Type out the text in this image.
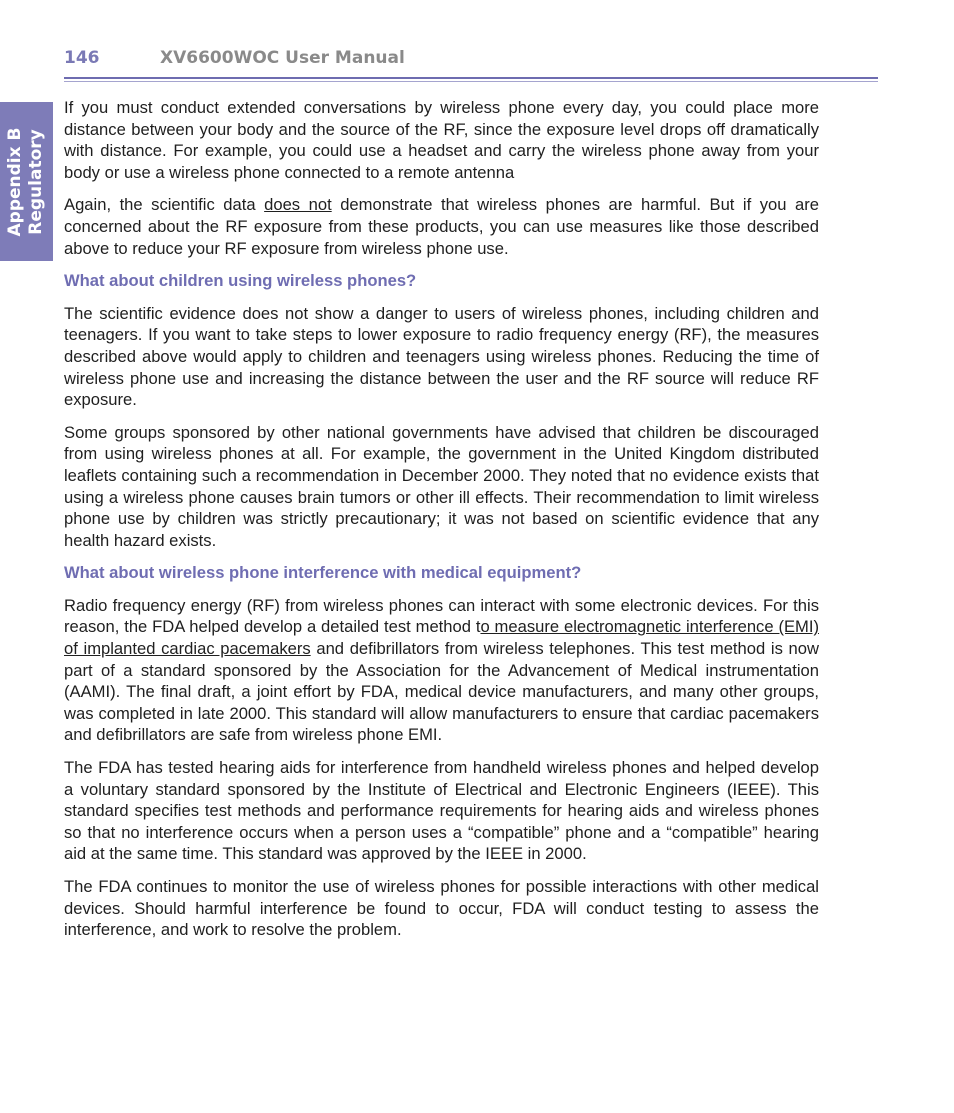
146	XV6600WOC User Manual
Appendix B Regulatory

If you must conduct extended conversations by wireless phone every day, you could place more distance between your body and the source of the RF, since the exposure level drops off dramatically with distance. For example, you could use a headset and carry the wireless phone away from your body or use a wireless phone connected to a remote antenna

Again, the scientific data does not demonstrate that wireless phones are harmful. But if you are concerned about the RF exposure from these products, you can use measures like those described above to reduce your RF exposure from wireless phone use.

What about children using wireless phones?

The scientific evidence does not show a danger to users of wireless phones, including children and teenagers. If you want to take steps to lower exposure to radio frequency energy (RF), the measures described above would apply to children and teenagers using wireless phones. Reducing the time of wireless phone use and increasing the distance between the user and the RF source will reduce RF exposure.

Some groups sponsored by other national governments have advised that children be discouraged from using wireless phones at all. For example, the government in the United Kingdom distributed leaflets containing such a recommendation in December 2000. They noted that no evidence exists that using a wireless phone causes brain tumors or other ill effects. Their recommendation to limit wireless phone use by children was strictly precautionary; it was not based on scientific evidence that any health hazard exists.

What about wireless phone interference with medical equipment?

Radio frequency energy (RF) from wireless phones can interact with some electronic devices. For this reason, the FDA helped develop a detailed test method to measure electromagnetic interference (EMI) of implanted cardiac pacemakers and defibrillators from wireless telephones. This test method is now part of a standard sponsored by the Association for the Advancement of Medical instrumentation (AAMI). The final draft, a joint effort by FDA, medical device manufacturers, and many other groups, was completed in late 2000. This standard will allow manufacturers to ensure that cardiac pacemakers and defibrillators are safe from wireless phone EMI.

The FDA has tested hearing aids for interference from handheld wireless phones and helped develop a voluntary standard sponsored by the Institute of Electrical and Electronic Engineers (IEEE). This standard specifies test methods and performance requirements for hearing aids and wireless phones so that no interference occurs when a person uses a “compatible” phone and a “compatible” hearing aid at the same time. This standard was approved by the IEEE in 2000.

The FDA continues to monitor the use of wireless phones for possible interactions with other medical devices. Should harmful interference be found to occur, FDA will conduct testing to assess the interference, and work to resolve the problem.
